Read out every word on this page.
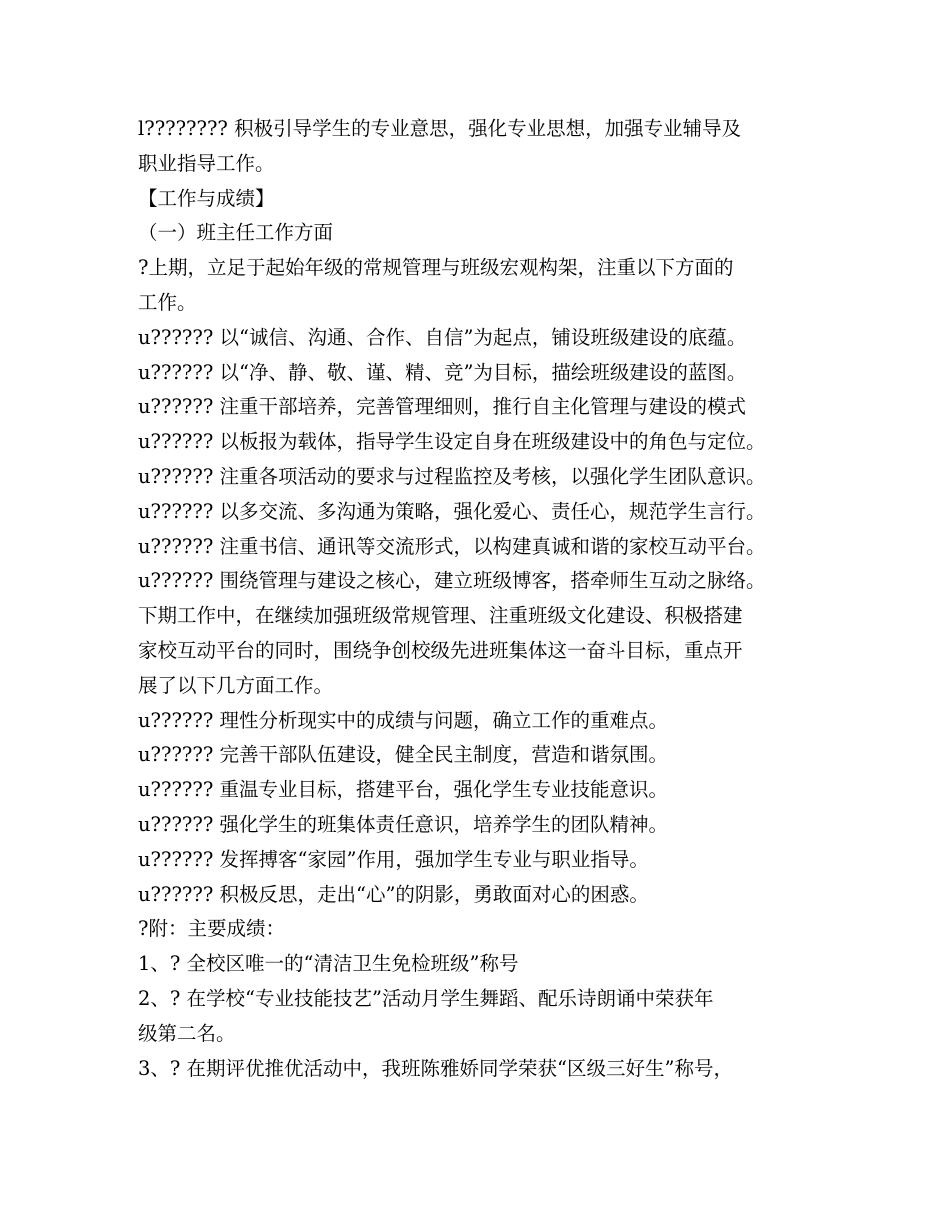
l???????? 积极引导学生的专业意思，强化专业思想，加强专业辅导及
职业指导工作。
【工作与成绩】
（一）班主任工作方面
?上期，立足于起始年级的常规管理与班级宏观构架，注重以下方面的
工作。
u?????? 以“诚信、沟通、合作、自信”为起点，铺设班级建设的底蕴。
u?????? 以“净、静、敬、谨、精、竞”为目标，描绘班级建设的蓝图。
u?????? 注重干部培养，完善管理细则，推行自主化管理与建设的模式
u?????? 以板报为载体，指导学生设定自身在班级建设中的角色与定位。
u?????? 注重各项活动的要求与过程监控及考核，以强化学生团队意识。
u?????? 以多交流、多沟通为策略，强化爱心、责任心，规范学生言行。
u?????? 注重书信、通讯等交流形式，以构建真诚和谐的家校互动平台。
u?????? 围绕管理与建设之核心，建立班级博客，搭牵师生互动之脉络。
下期工作中，在继续加强班级常规管理、注重班级文化建设、积极搭建
家校互动平台的同时，围绕争创校级先进班集体这一奋斗目标，重点开
展了以下几方面工作。
u?????? 理性分析现实中的成绩与问题，确立工作的重难点。
u?????? 完善干部队伍建设，健全民主制度，营造和谐氛围。
u?????? 重温专业目标，搭建平台，强化学生专业技能意识。
u?????? 强化学生的班集体责任意识，培养学生的团队精神。
u?????? 发挥搏客“家园”作用，强加学生专业与职业指导。
u?????? 积极反思，走出“心”的阴影，勇敢面对心的困惑。
?附：主要成绩：
1、? 全校区唯一的“清洁卫生免检班级”称号
2、? 在学校“专业技能技艺”活动月学生舞蹈、配乐诗朗诵中荣获年
级第二名。
3、? 在期评优推优活动中，我班陈雅娇同学荣获“区级三好生”称号，
